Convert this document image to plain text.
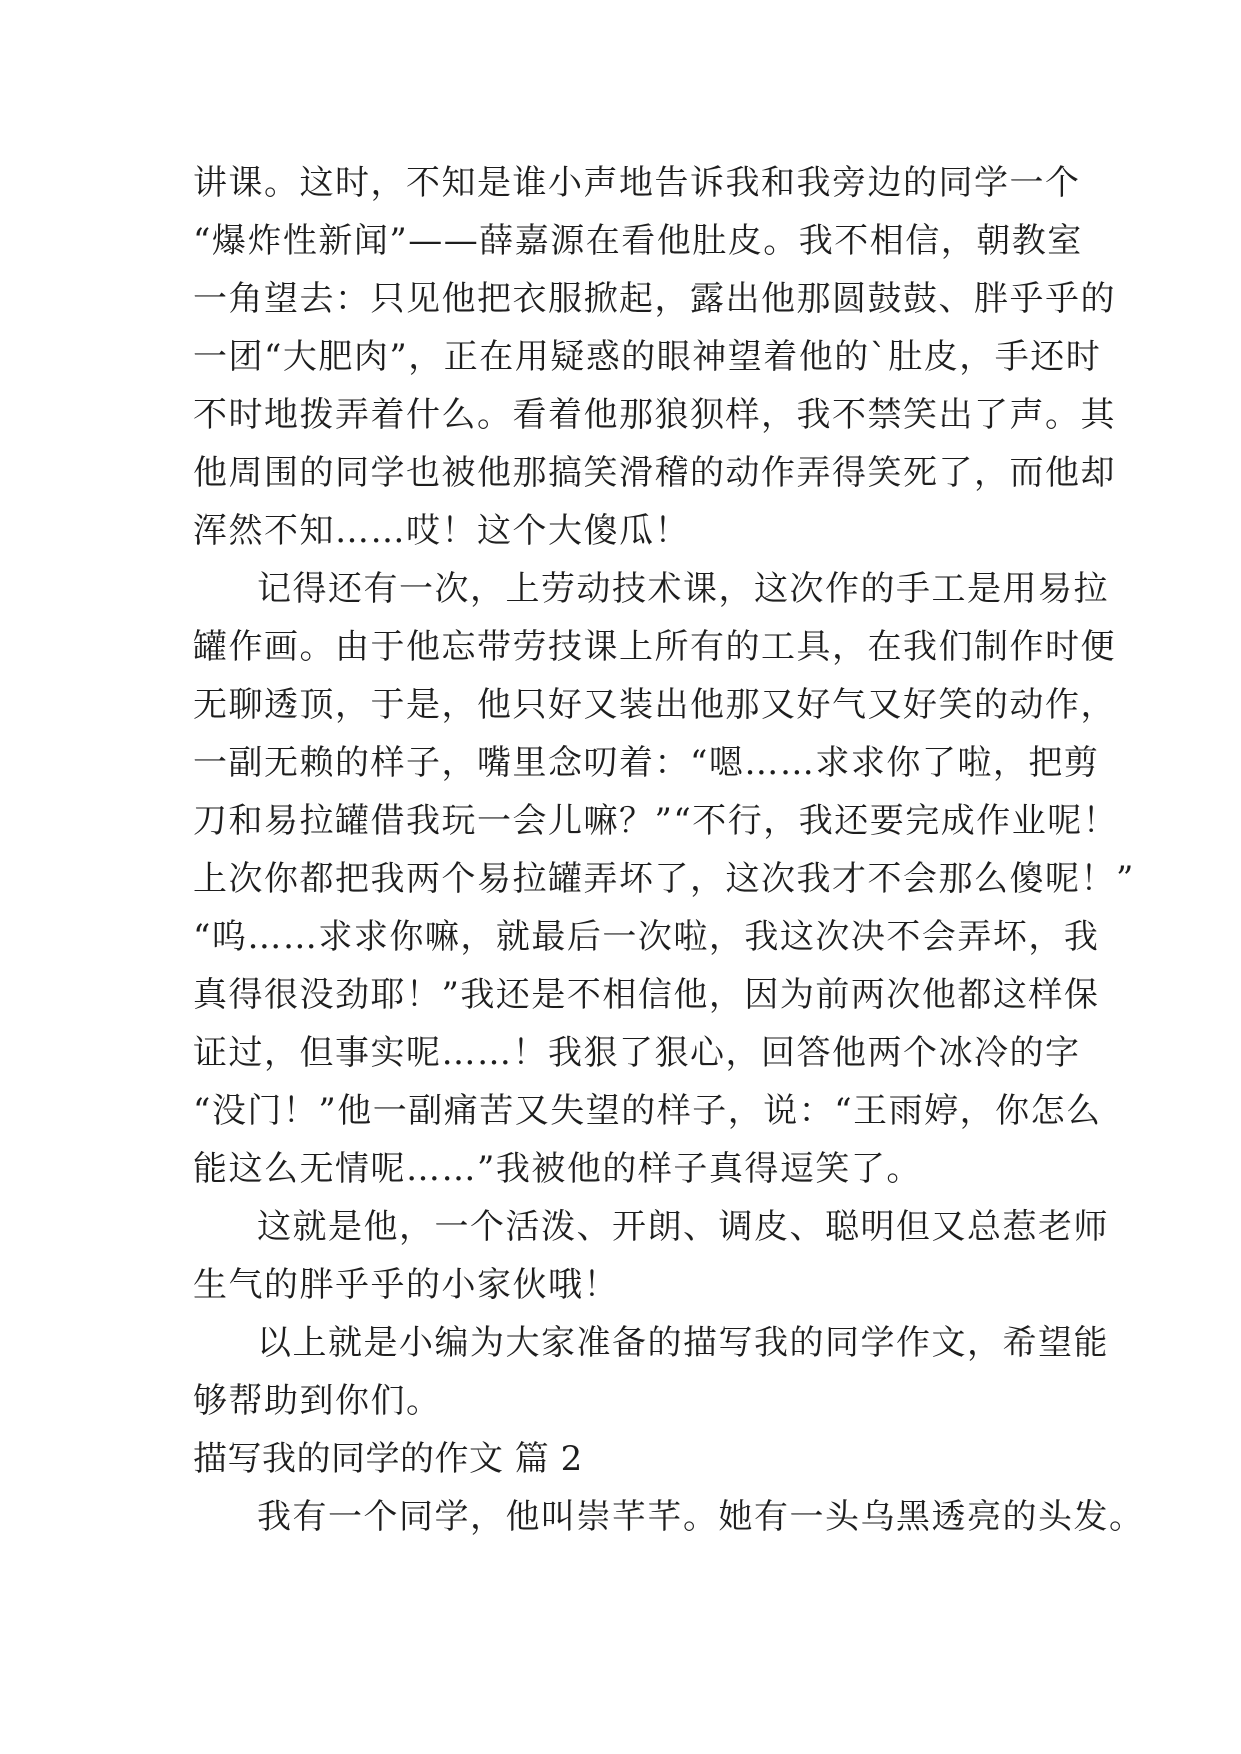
讲课。这时，不知是谁小声地告诉我和我旁边的同学一个
“爆炸性新闻”——薛嘉源在看他肚皮。我不相信，朝教室
一角望去：只见他把衣服掀起，露出他那圆鼓鼓、胖乎乎的
一团“大肥肉”，正在用疑惑的眼神望着他的`肚皮，手还时
不时地拨弄着什么。看着他那狼狈样，我不禁笑出了声。其
他周围的同学也被他那搞笑滑稽的动作弄得笑死了，而他却
浑然不知……哎！这个大傻瓜！
记得还有一次，上劳动技术课，这次作的手工是用易拉
罐作画。由于他忘带劳技课上所有的工具，在我们制作时便
无聊透顶，于是，他只好又装出他那又好气又好笑的动作，
一副无赖的样子，嘴里念叨着：“嗯……求求你了啦，把剪
刀和易拉罐借我玩一会儿嘛？”“不行，我还要完成作业呢！
上次你都把我两个易拉罐弄坏了，这次我才不会那么傻呢！”
“呜……求求你嘛，就最后一次啦，我这次决不会弄坏，我
真得很没劲耶！”我还是不相信他，因为前两次他都这样保
证过，但事实呢……！我狠了狠心，回答他两个冰冷的字
“没门！”他一副痛苦又失望的样子，说：“王雨婷，你怎么
能这么无情呢……”我被他的样子真得逗笑了。
这就是他，一个活泼、开朗、调皮、聪明但又总惹老师
生气的胖乎乎的小家伙哦！
以上就是小编为大家准备的描写我的同学作文，希望能
够帮助到你们。
描写我的同学的作文 篇 2
我有一个同学，他叫崇芊芊。她有一头乌黑透亮的头发。
